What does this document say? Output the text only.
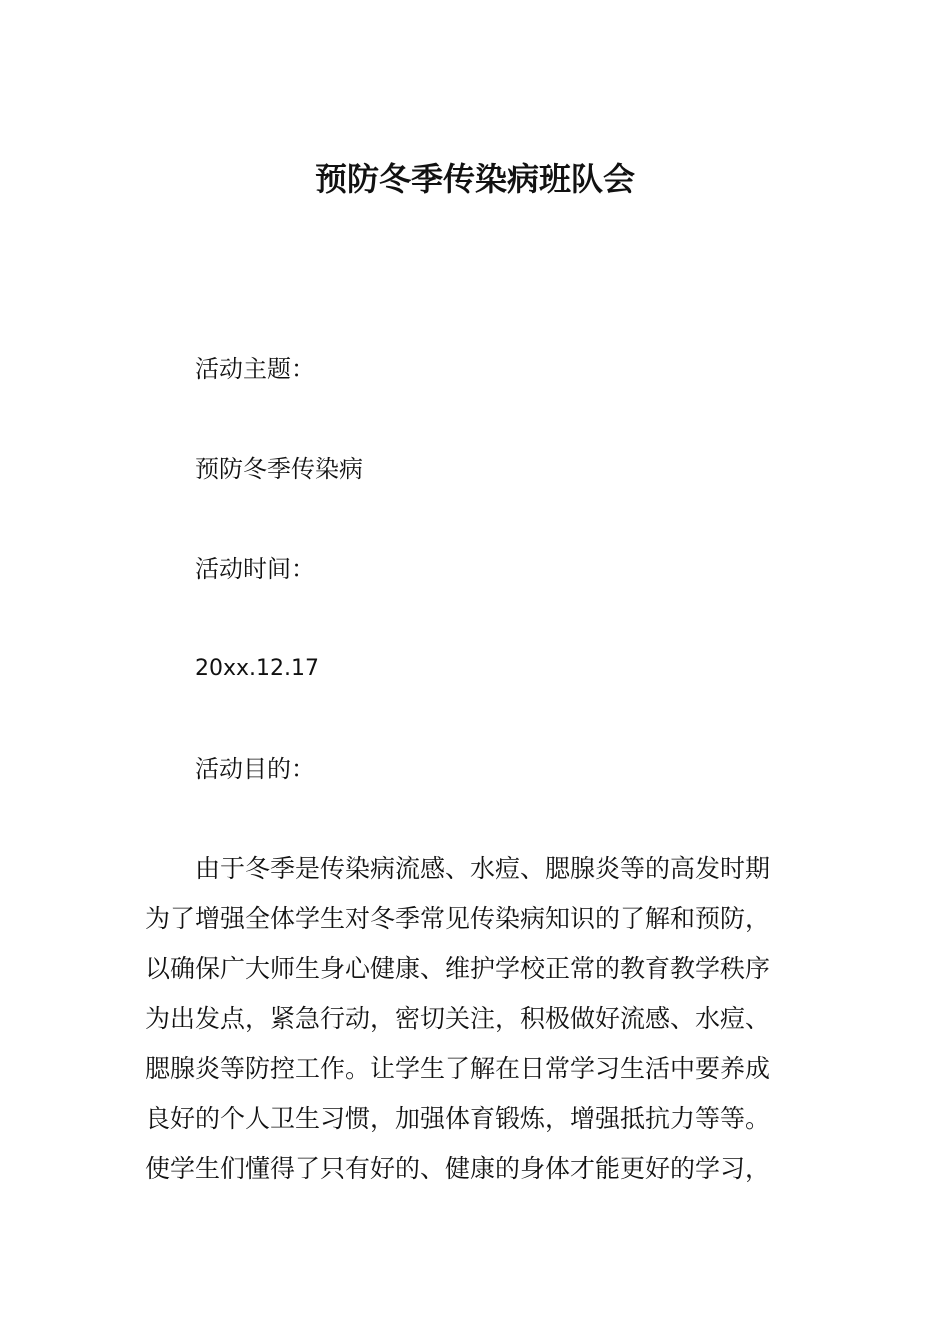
预防冬季传染病班队会
活动主题：
预防冬季传染病
活动时间：
20xx.12.17
活动目的：
由于冬季是传染病流感、水痘、腮腺炎等的高发时期
为了增强全体学生对冬季常见传染病知识的了解和预防，
以确保广大师生身心健康、维护学校正常的教育教学秩序
为出发点，紧急行动，密切关注，积极做好流感、水痘、
腮腺炎等防控工作。让学生了解在日常学习生活中要养成
良好的个人卫生习惯，加强体育锻炼，增强抵抗力等等。
使学生们懂得了只有好的、健康的身体才能更好的学习，
